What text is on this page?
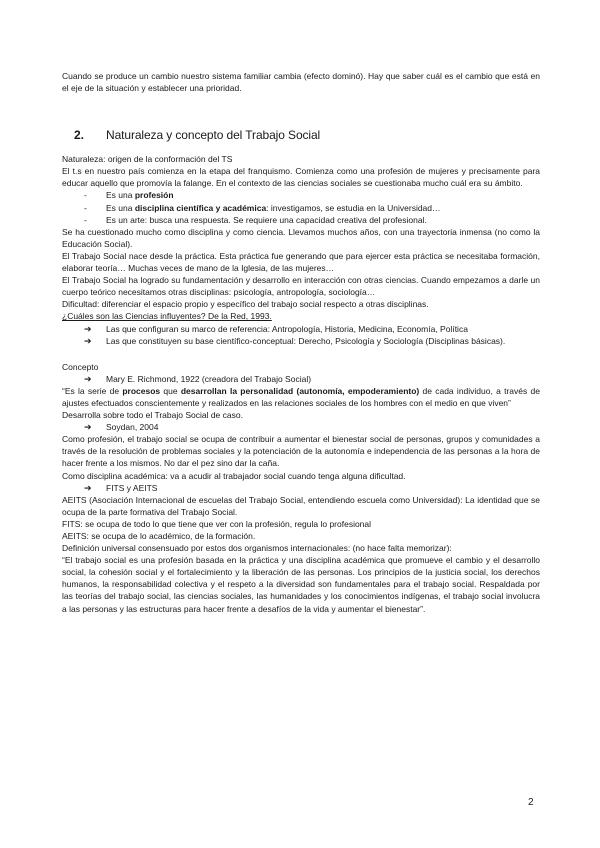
Cuando se produce un cambio nuestro sistema familiar cambia (efecto dominó). Hay que saber cuál es el cambio que está en el eje de la situación y establecer una prioridad.

2.	Naturaleza y concepto del Trabajo Social

Naturaleza: origen de la conformación del TS

El t.s en nuestro país comienza en la etapa del franquismo. Comienza como una profesión de mujeres y precisamente para educar aquello que promovía la falange. En el contexto de las ciencias sociales se cuestionaba mucho cuál era su ámbito.

- Es una profesión
- Es una disciplina científica y académica: investigamos, se estudia en la Universidad…
- Es un arte: busca una respuesta. Se requiere una capacidad creativa del profesional.

Se ha cuestionado mucho como disciplina y como ciencia. Llevamos muchos años, con una trayectoria inmensa (no como la Educación Social).

El Trabajo Social nace desde la práctica. Esta práctica fue generando que para ejercer esta práctica se necesitaba formación, elaborar teoría… Muchas veces de mano de la Iglesia, de las mujeres…

El Trabajo Social ha logrado su fundamentación y desarrollo en interacción con otras ciencias. Cuando empezamos a darle un cuerpo teórico necesitamos otras disciplinas: psicología, antropología, sociología…

Dificultad: diferenciar el espacio propio y específico del trabajo social respecto a otras disciplinas.

¿Cuáles son las Ciencias influyentes? De la Red, 1993.

➔ Las que configuran su marco de referencia: Antropología, Historia, Medicina, Economía, Política
➔ Las que constituyen su base científico-conceptual: Derecho, Psicología y Sociología (Disciplinas básicas).

Concepto

➔ Mary E. Richmond, 1922 (creadora del Trabajo Social)

“Es la serie de procesos que desarrollan la personalidad (autonomía, empoderamiento) de cada individuo, a través de ajustes efectuados conscientemente y realizados en las relaciones sociales de los hombres con el medio en que viven”

Desarrolla sobre todo el Trabajo Social de caso.

➔ Soydan, 2004

Como profesión, el trabajo social se ocupa de contribuir a aumentar el bienestar social de personas, grupos y comunidades a través de la resolución de problemas sociales y la potenciación de la autonomía e independencia de las personas a la hora de hacer frente a los mismos. No dar el pez sino dar la caña.

Como disciplina académica: va a acudir al trabajador social cuando tenga alguna dificultad.

➔ FITS y AEITS

AEITS (Asociación Internacional de escuelas del Trabajo Social, entendiendo escuela como Universidad): La identidad que se ocupa de la parte formativa del Trabajo Social.

FITS: se ocupa de todo lo que tiene que ver con la profesión, regula lo profesional

AEITS: se ocupa de lo académico, de la formación.

Definición universal consensuado por estos dos organismos internacionales: (no hace falta memorizar):

“El trabajo social es una profesión basada en la práctica y una disciplina académica que promueve el cambio y el desarrollo social, la cohesión social y el fortalecimiento y la liberación de las personas. Los principios de la justicia social, los derechos humanos, la responsabilidad colectiva y el respeto a la diversidad son fundamentales para el trabajo social. Respaldada por las teorías del trabajo social, las ciencias sociales, las humanidades y los conocimientos indígenas, el trabajo social involucra a las personas y las estructuras para hacer frente a desafíos de la vida y aumentar el bienestar”.

2
